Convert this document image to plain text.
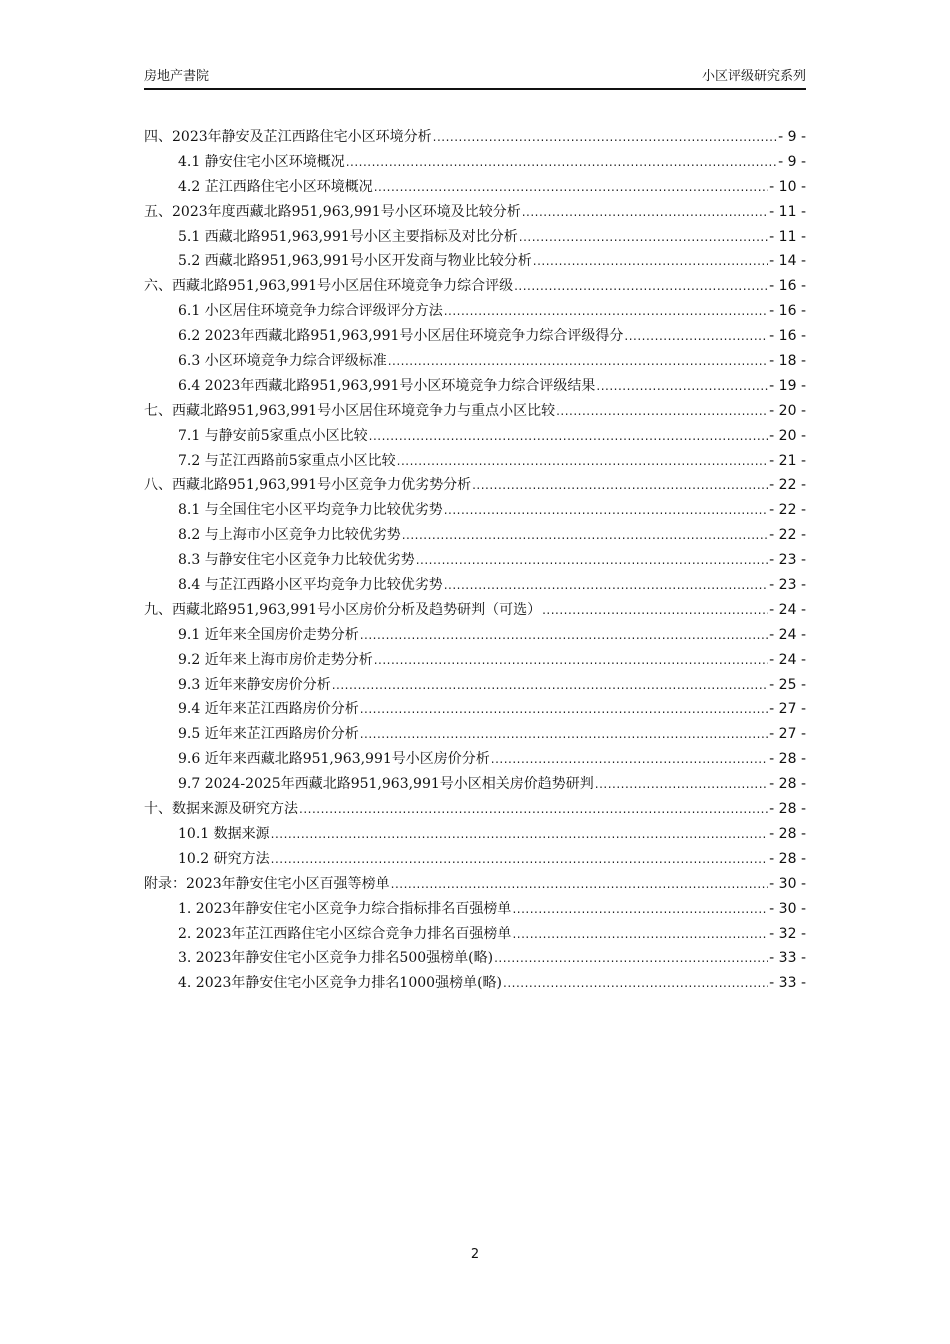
房地产書院	小区评级研究系列
四、2023年静安及芷江西路住宅小区环境分析 .....	- 9 -
4.1 静安住宅小区环境概况 .....	- 9 -
4.2 芷江西路住宅小区环境概况 .....	- 10 -
五、2023年度西藏北路951,963,991号小区环境及比较分析 .....	- 11 -
5.1 西藏北路951,963,991号小区主要指标及对比分析 .....	- 11 -
5.2 西藏北路951,963,991号小区开发商与物业比较分析 .....	- 14 -
六、西藏北路951,963,991号小区居住环境竞争力综合评级 .....	- 16 -
6.1 小区居住环境竞争力综合评级评分方法 .....	- 16 -
6.2 2023年西藏北路951,963,991号小区居住环境竞争力综合评级得分 .....	- 16 -
6.3 小区环境竞争力综合评级标准 .....	- 18 -
6.4 2023年西藏北路951,963,991号小区环境竞争力综合评级结果 .....	- 19 -
七、西藏北路951,963,991号小区居住环境竞争力与重点小区比较 .....	- 20 -
7.1 与静安前5家重点小区比较 .....	- 20 -
7.2 与芷江西路前5家重点小区比较 .....	- 21 -
八、西藏北路951,963,991号小区竞争力优劣势分析 .....	- 22 -
8.1 与全国住宅小区平均竞争力比较优劣势 .....	- 22 -
8.2 与上海市小区竞争力比较优劣势 .....	- 22 -
8.3 与静安住宅小区竞争力比较优劣势 .....	- 23 -
8.4 与芷江西路小区平均竞争力比较优劣势 .....	- 23 -
九、西藏北路951,963,991号小区房价分析及趋势研判（可选） .....	- 24 -
9.1 近年来全国房价走势分析 .....	- 24 -
9.2 近年来上海市房价走势分析 .....	- 24 -
9.3 近年来静安房价分析 .....	- 25 -
9.4 近年来芷江西路房价分析 .....	- 27 -
9.5 近年来芷江西路房价分析 .....	- 27 -
9.6 近年来西藏北路951,963,991号小区房价分析 .....	- 28 -
9.7 2024-2025年西藏北路951,963,991号小区相关房价趋势研判 .....	- 28 -
十、数据来源及研究方法 .....	- 28 -
10.1 数据来源 .....	- 28 -
10.2 研究方法 .....	- 28 -
附录：2023年静安住宅小区百强等榜单 .....	- 30 -
1. 2023年静安住宅小区竞争力综合指标排名百强榜单 .....	- 30 -
2. 2023年芷江西路住宅小区综合竞争力排名百强榜单 .....	- 32 -
3. 2023年静安住宅小区竞争力排名500强榜单(略) .....	- 33 -
4. 2023年静安住宅小区竞争力排名1000强榜单(略) .....	- 33 -
2
